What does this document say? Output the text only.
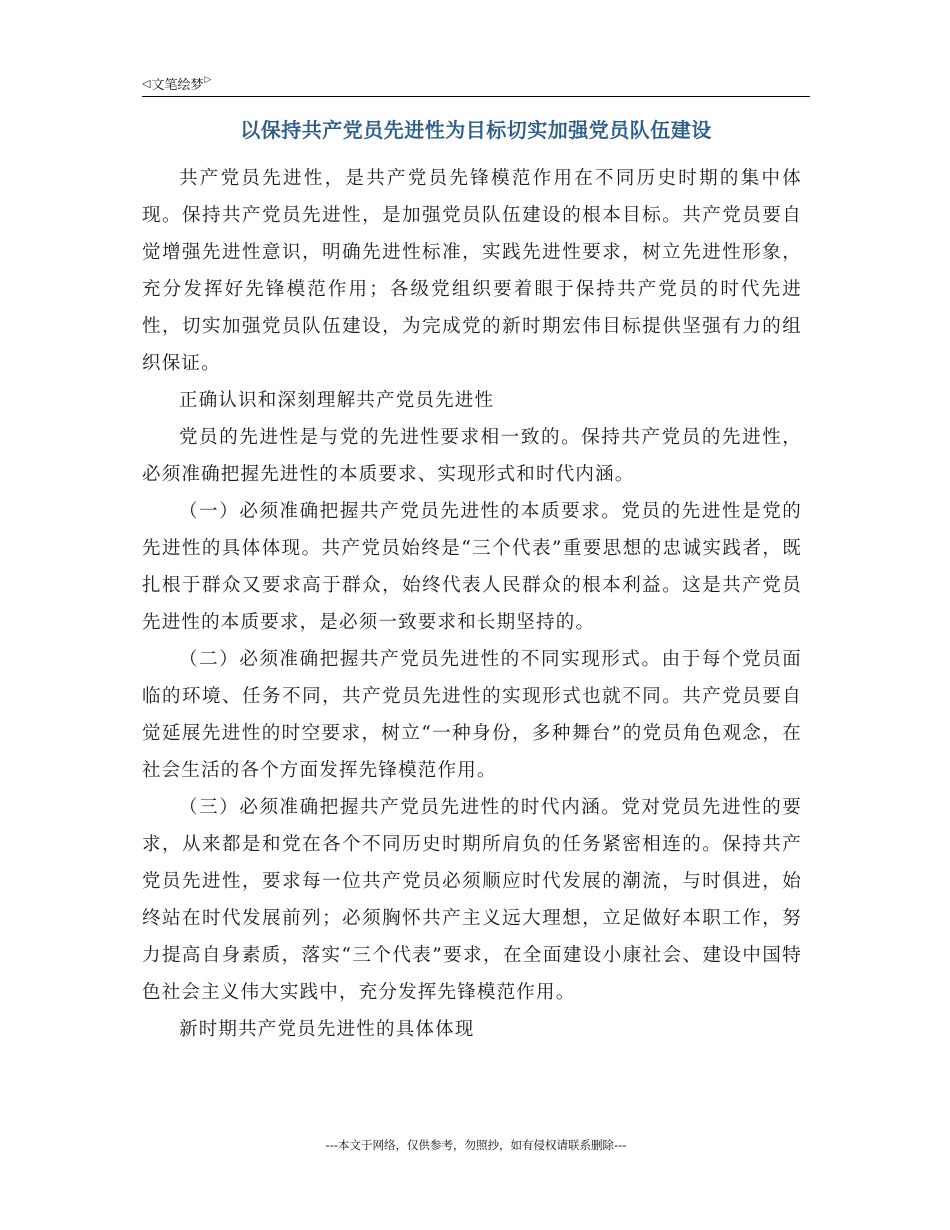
◁ 文笔绘梦 ▷
以保持共产党员先进性为目标切实加强党员队伍建设

共产党员先进性，是共产党员先锋模范作用在不同历史时期的集中体现。保持共产党员先进性，是加强党员队伍建设的根本目标。共产党员要自觉增强先进性意识，明确先进性标准，实践先进性要求，树立先进性形象，充分发挥好先锋模范作用；各级党组织要着眼于保持共产党员的时代先进性，切实加强党员队伍建设，为完成党的新时期宏伟目标提供坚强有力的组织保证。

正确认识和深刻理解共产党员先进性

党员的先进性是与党的先进性要求相一致的。保持共产党员的先进性，必须准确把握先进性的本质要求、实现形式和时代内涵。

（一）必须准确把握共产党员先进性的本质要求。党员的先进性是党的先进性的具体体现。共产党员始终是“三个代表”重要思想的忠诚实践者，既扎根于群众又要求高于群众，始终代表人民群众的根本利益。这是共产党员先进性的本质要求，是必须一致要求和长期坚持的。

（二）必须准确把握共产党员先进性的不同实现形式。由于每个党员面临的环境、任务不同，共产党员先进性的实现形式也就不同。共产党员要自觉延展先进性的时空要求，树立“一种身份，多种舞台”的党员角色观念，在社会生活的各个方面发挥先锋模范作用。

（三）必须准确把握共产党员先进性的时代内涵。党对党员先进性的要求，从来都是和党在各个不同历史时期所肩负的任务紧密相连的。保持共产党员先进性，要求每一位共产党员必须顺应时代发展的潮流，与时俱进，始终站在时代发展前列；必须胸怀共产主义远大理想，立足做好本职工作，努力提高自身素质，落实“三个代表”要求，在全面建设小康社会、建设中国特色社会主义伟大实践中，充分发挥先锋模范作用。

新时期共产党员先进性的具体体现

---本文于网络，仅供参考，勿照抄，如有侵权请联系删除---
